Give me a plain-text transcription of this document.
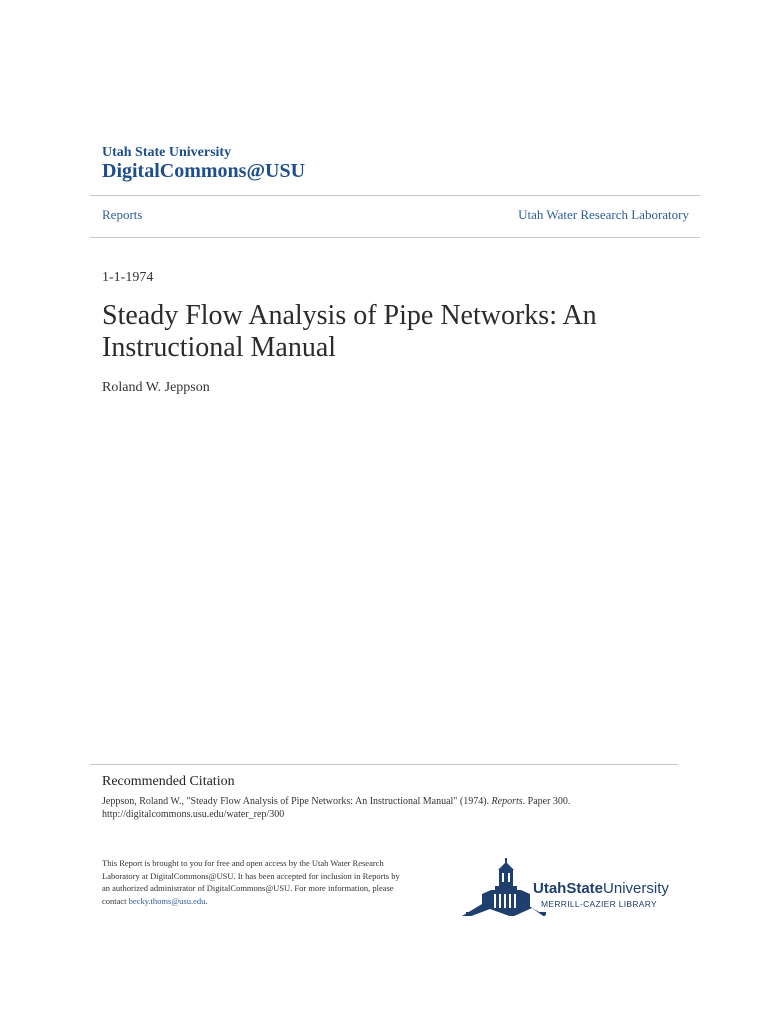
Utah State University
DigitalCommons@USU
Reports	Utah Water Research Laboratory
1-1-1974
Steady Flow Analysis of Pipe Networks: An Instructional Manual
Roland W. Jeppson
Recommended Citation
Jeppson, Roland W., "Steady Flow Analysis of Pipe Networks: An Instructional Manual" (1974). Reports. Paper 300.
http://digitalcommons.usu.edu/water_rep/300
This Report is brought to you for free and open access by the Utah Water Research Laboratory at DigitalCommons@USU. It has been accepted for inclusion in Reports by an authorized administrator of DigitalCommons@USU. For more information, please contact becky.thoms@usu.edu.
UtahStateUniversity
MERRILL-CAZIER LIBRARY
